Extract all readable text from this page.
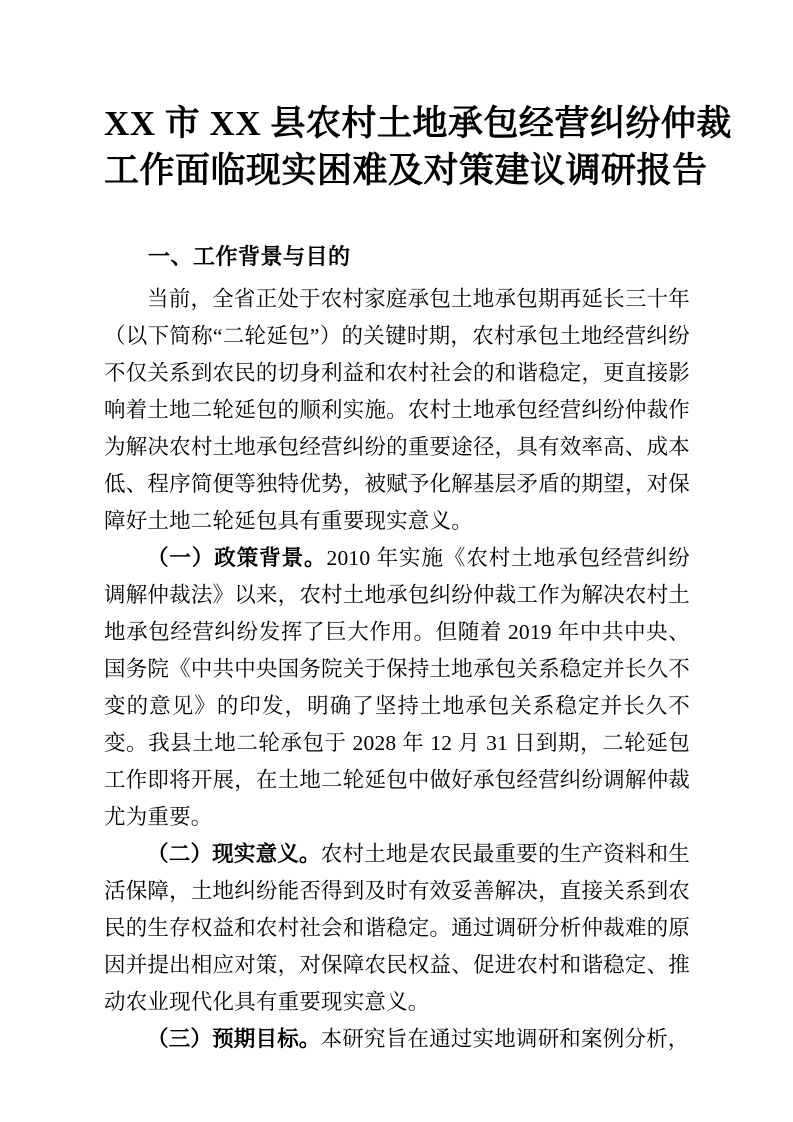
XX 市 XX 县农村土地承包经营纠纷仲裁
工作面临现实困难及对策建议调研报告
一、工作背景与目的

当前，全省正处于农村家庭承包土地承包期再延长三十年（以下简称“二轮延包”）的关键时期，农村承包土地经营纠纷不仅关系到农民的切身利益和农村社会的和谐稳定，更直接影响着土地二轮延包的顺利实施。农村土地承包经营纠纷仲裁作为解决农村土地承包经营纠纷的重要途径，具有效率高、成本低、程序简便等独特优势，被赋予化解基层矛盾的期望，对保障好土地二轮延包具有重要现实意义。

（一）政策背景。2010 年实施《农村土地承包经营纠纷调解仲裁法》以来，农村土地承包纠纷仲裁工作为解决农村土地承包经营纠纷发挥了巨大作用。但随着 2019 年中共中央、国务院《中共中央国务院关于保持土地承包关系稳定并长久不变的意见》的印发，明确了坚持土地承包关系稳定并长久不变。我县土地二轮承包于 2028 年 12 月 31 日到期，二轮延包工作即将开展，在土地二轮延包中做好承包经营纠纷调解仲裁尤为重要。

（二）现实意义。农村土地是农民最重要的生产资料和生活保障，土地纠纷能否得到及时有效妥善解决，直接关系到农民的生存权益和农村社会和谐稳定。通过调研分析仲裁难的原因并提出相应对策，对保障农民权益、促进农村和谐稳定、推动农业现代化具有重要现实意义。

（三）预期目标。本研究旨在通过实地调研和案例分析，
